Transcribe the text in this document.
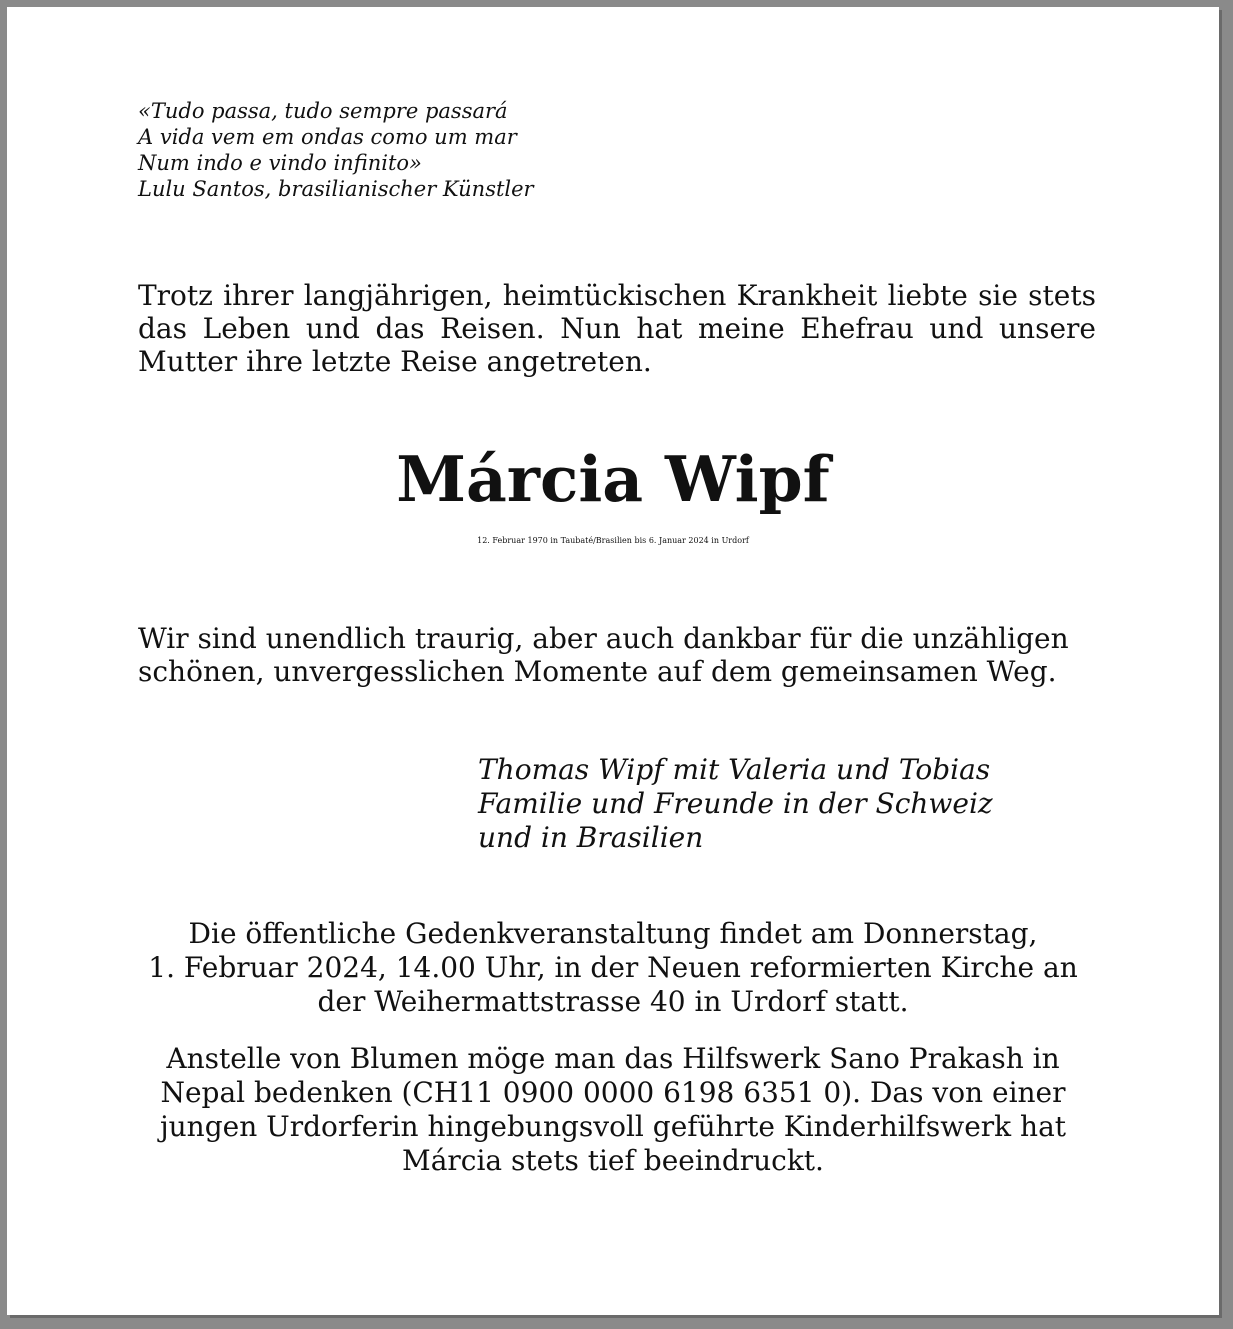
«Tudo passa, tudo sempre passará
A vida vem em ondas como um mar
Num indo e vindo infinito»
Lulu Santos, brasilianischer Künstler
Trotz ihrer langjährigen, heimtückischen Krankheit liebte sie stets
das Leben und das Reisen. Nun hat meine Ehefrau und unsere
Mutter ihre letzte Reise angetreten.
Márcia Wipf
12. Februar 1970 in Taubaté/Brasilien bis 6. Januar 2024 in Urdorf
Wir sind unendlich traurig, aber auch dankbar für die unzähligen
schönen, unvergesslichen Momente auf dem gemeinsamen Weg.
Thomas Wipf mit Valeria und Tobias
Familie und Freunde in der Schweiz
und in Brasilien
Die öffentliche Gedenkveranstaltung findet am Donnerstag,
1. Februar 2024, 14.00 Uhr, in der Neuen reformierten Kirche an
der Weihermattstrasse 40 in Urdorf statt.
Anstelle von Blumen möge man das Hilfswerk Sano Prakash in
Nepal bedenken (CH11 0900 0000 6198 6351 0). Das von einer
jungen Urdorferin hingebungsvoll geführte Kinderhilfswerk hat
Márcia stets tief beeindruckt.
